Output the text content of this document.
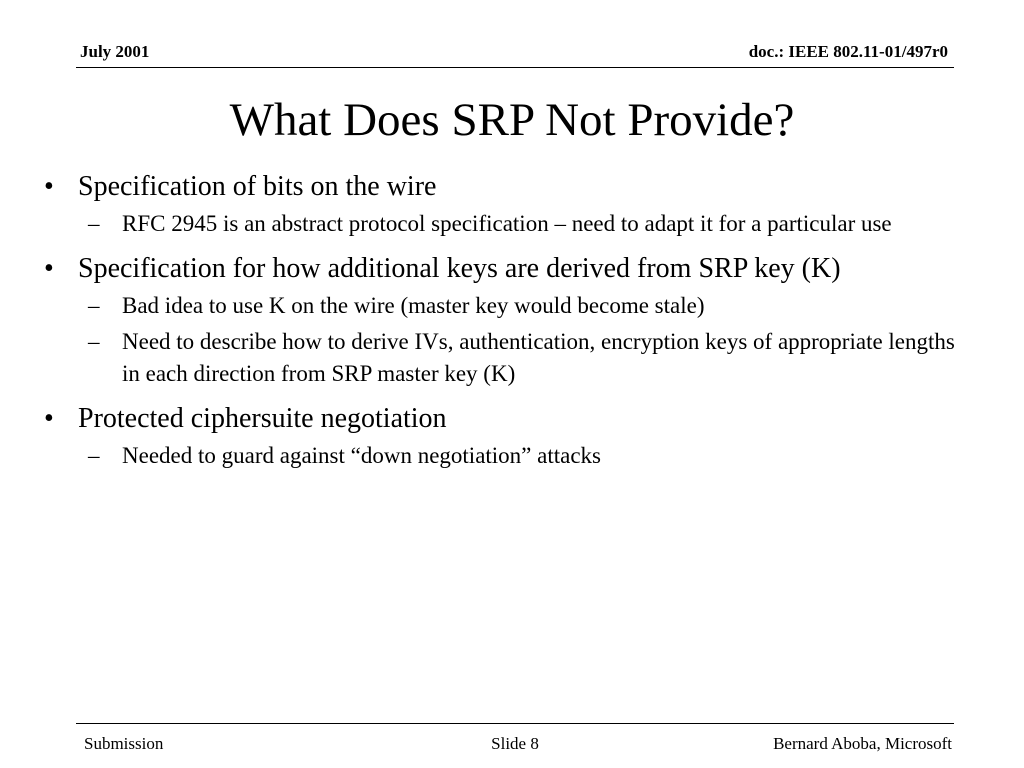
July 2001	doc.: IEEE 802.11-01/497r0
What Does SRP Not Provide?
• Specification of bits on the wire
– RFC 2945 is an abstract protocol specification – need to adapt it for a particular use
• Specification for how additional keys are derived from SRP key (K)
– Bad idea to use K on the wire (master key would become stale)
– Need to describe how to derive IVs, authentication, encryption keys of appropriate lengths in each direction from SRP master key (K)
• Protected ciphersuite negotiation
– Needed to guard against “down negotiation” attacks
Submission	Slide 8	Bernard Aboba, Microsoft
